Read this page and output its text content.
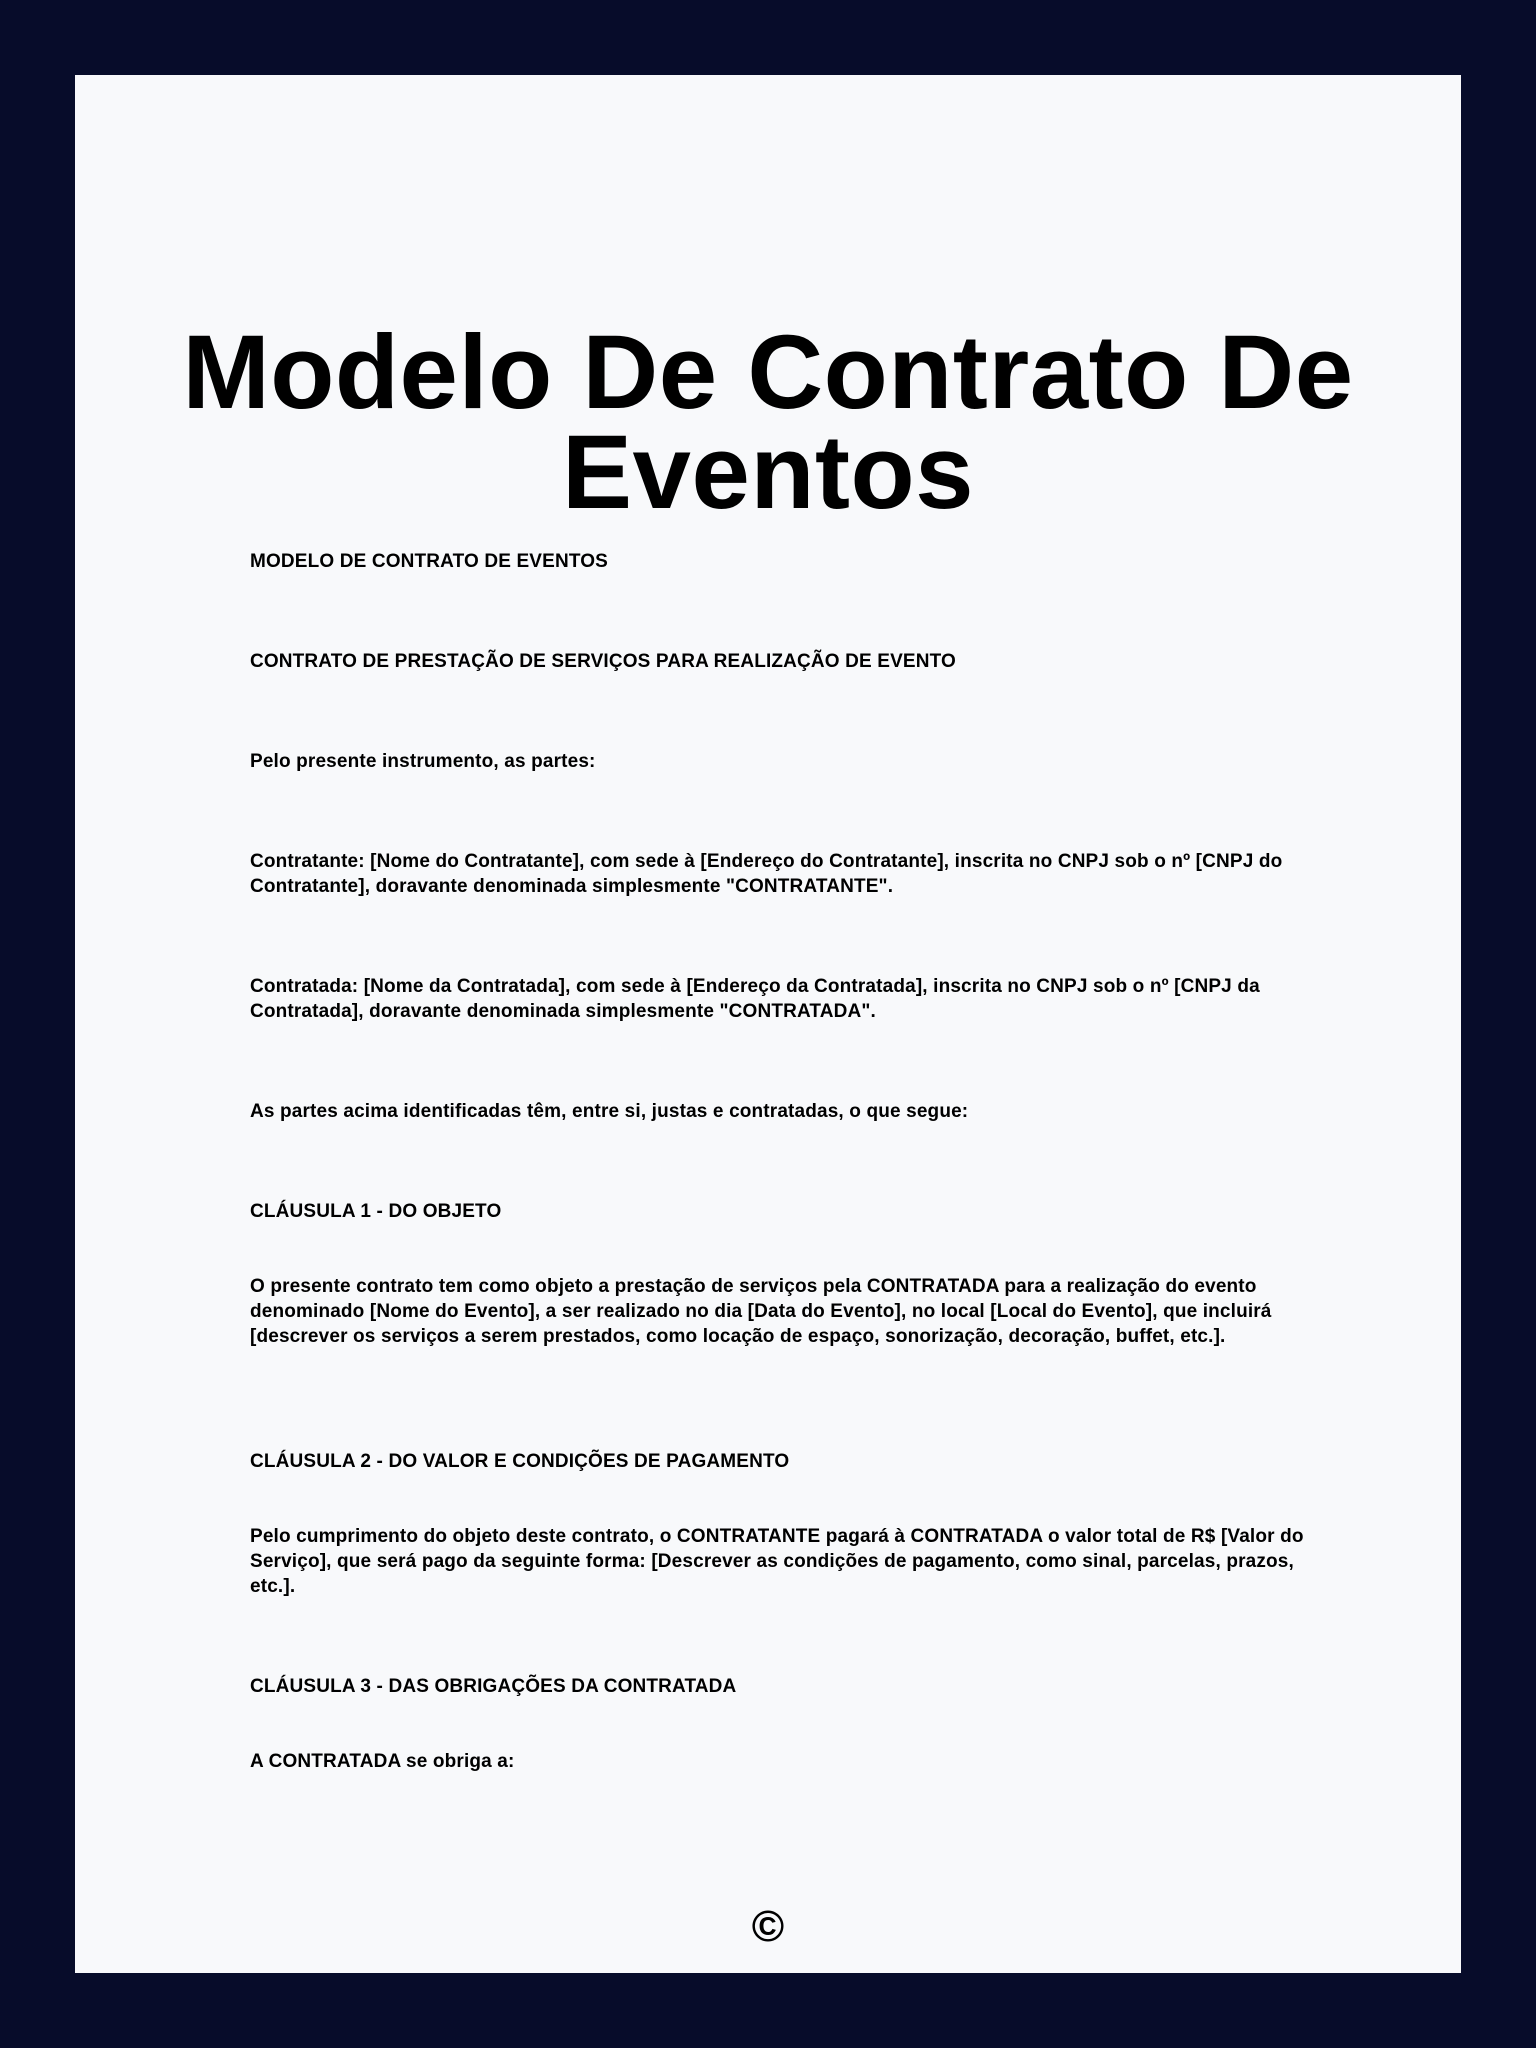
Modelo De Contrato De Eventos

MODELO DE CONTRATO DE EVENTOS

CONTRATO DE PRESTAÇÃO DE SERVIÇOS PARA REALIZAÇÃO DE EVENTO

Pelo presente instrumento, as partes:

Contratante: [Nome do Contratante], com sede à [Endereço do Contratante], inscrita no CNPJ sob o nº [CNPJ do Contratante], doravante denominada simplesmente "CONTRATANTE".

Contratada: [Nome da Contratada], com sede à [Endereço da Contratada], inscrita no CNPJ sob o nº [CNPJ da Contratada], doravante denominada simplesmente "CONTRATADA".

As partes acima identificadas têm, entre si, justas e contratadas, o que segue:

CLÁUSULA 1 - DO OBJETO

O presente contrato tem como objeto a prestação de serviços pela CONTRATADA para a realização do evento denominado [Nome do Evento], a ser realizado no dia [Data do Evento], no local [Local do Evento], que incluirá [descrever os serviços a serem prestados, como locação de espaço, sonorização, decoração, buffet, etc.].

CLÁUSULA 2 - DO VALOR E CONDIÇÕES DE PAGAMENTO

Pelo cumprimento do objeto deste contrato, o CONTRATANTE pagará à CONTRATADA o valor total de R$ [Valor do Serviço], que será pago da seguinte forma: [Descrever as condições de pagamento, como sinal, parcelas, prazos, etc.].

CLÁUSULA 3 - DAS OBRIGAÇÕES DA CONTRATADA

A CONTRATADA se obriga a:

©
